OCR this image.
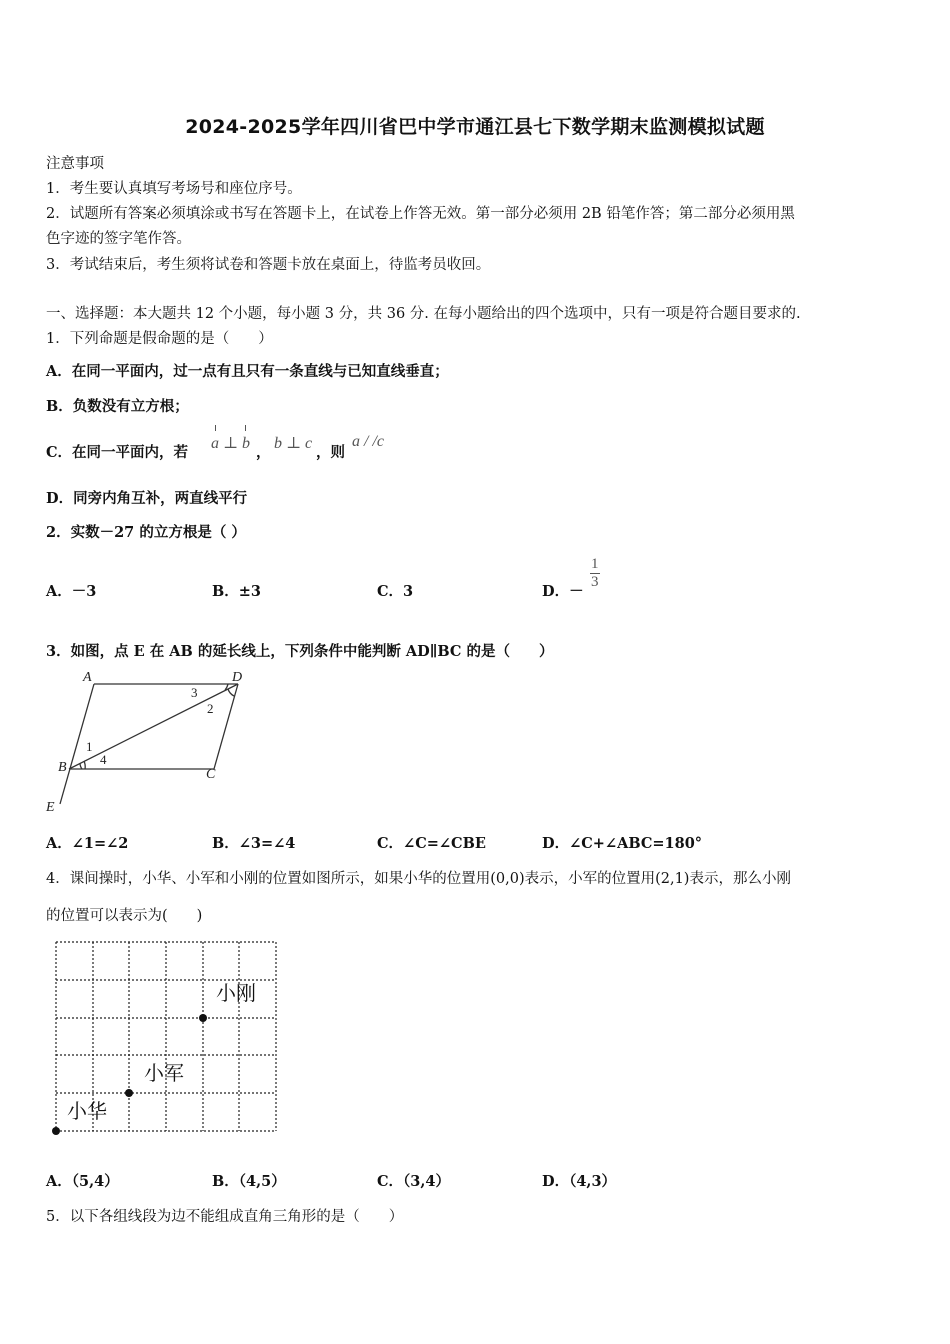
2024-2025学年四川省巴中学市通江县七下数学期末监测模拟试题
注意事项
1．考生要认真填写考场号和座位序号。
2．试题所有答案必须填涂或书写在答题卡上，在试卷上作答无效。第一部分必须用 2B 铅笔作答；第二部分必须用黑
色字迹的签字笔作答。
3．考试结束后，考生须将试卷和答题卡放在桌面上，待监考员收回。
一、选择题：本大题共 12 个小题，每小题 3 分，共 36 分. 在每小题给出的四个选项中，只有一项是符合题目要求的.
1．下列命题是假命题的是（　　）
A．在同一平面内，过一点有且只有一条直线与已知直线垂直；
B．负数没有立方根；
C．在同一平面内，若
a ⊥ b
，
b ⊥ c
，则
a / /c
D．同旁内角互补，两直线平行
2．实数－27 的立方根是（ ）
A．－3	B．±3	C．3	D．－
$\frac{1}{3}$
3．如图，点 E 在 AB 的延长线上，下列条件中能判断 AD∥BC 的是（　　）
A	D
B	C
E
1
4
3
2
A．∠1=∠2	B．∠3=∠4	C．∠C=∠CBE	D．∠C+∠ABC=180°
4．课间操时，小华、小军和小刚的位置如图所示，如果小华的位置用(0,0)表示，小军的位置用(2,1)表示，那么小刚
的位置可以表示为(　　)
小刚
小军
小华
A．（5,4）	B．（4,5）	C．（3,4）	D．（4,3）
5．以下各组线段为边不能组成直角三角形的是（　　）
